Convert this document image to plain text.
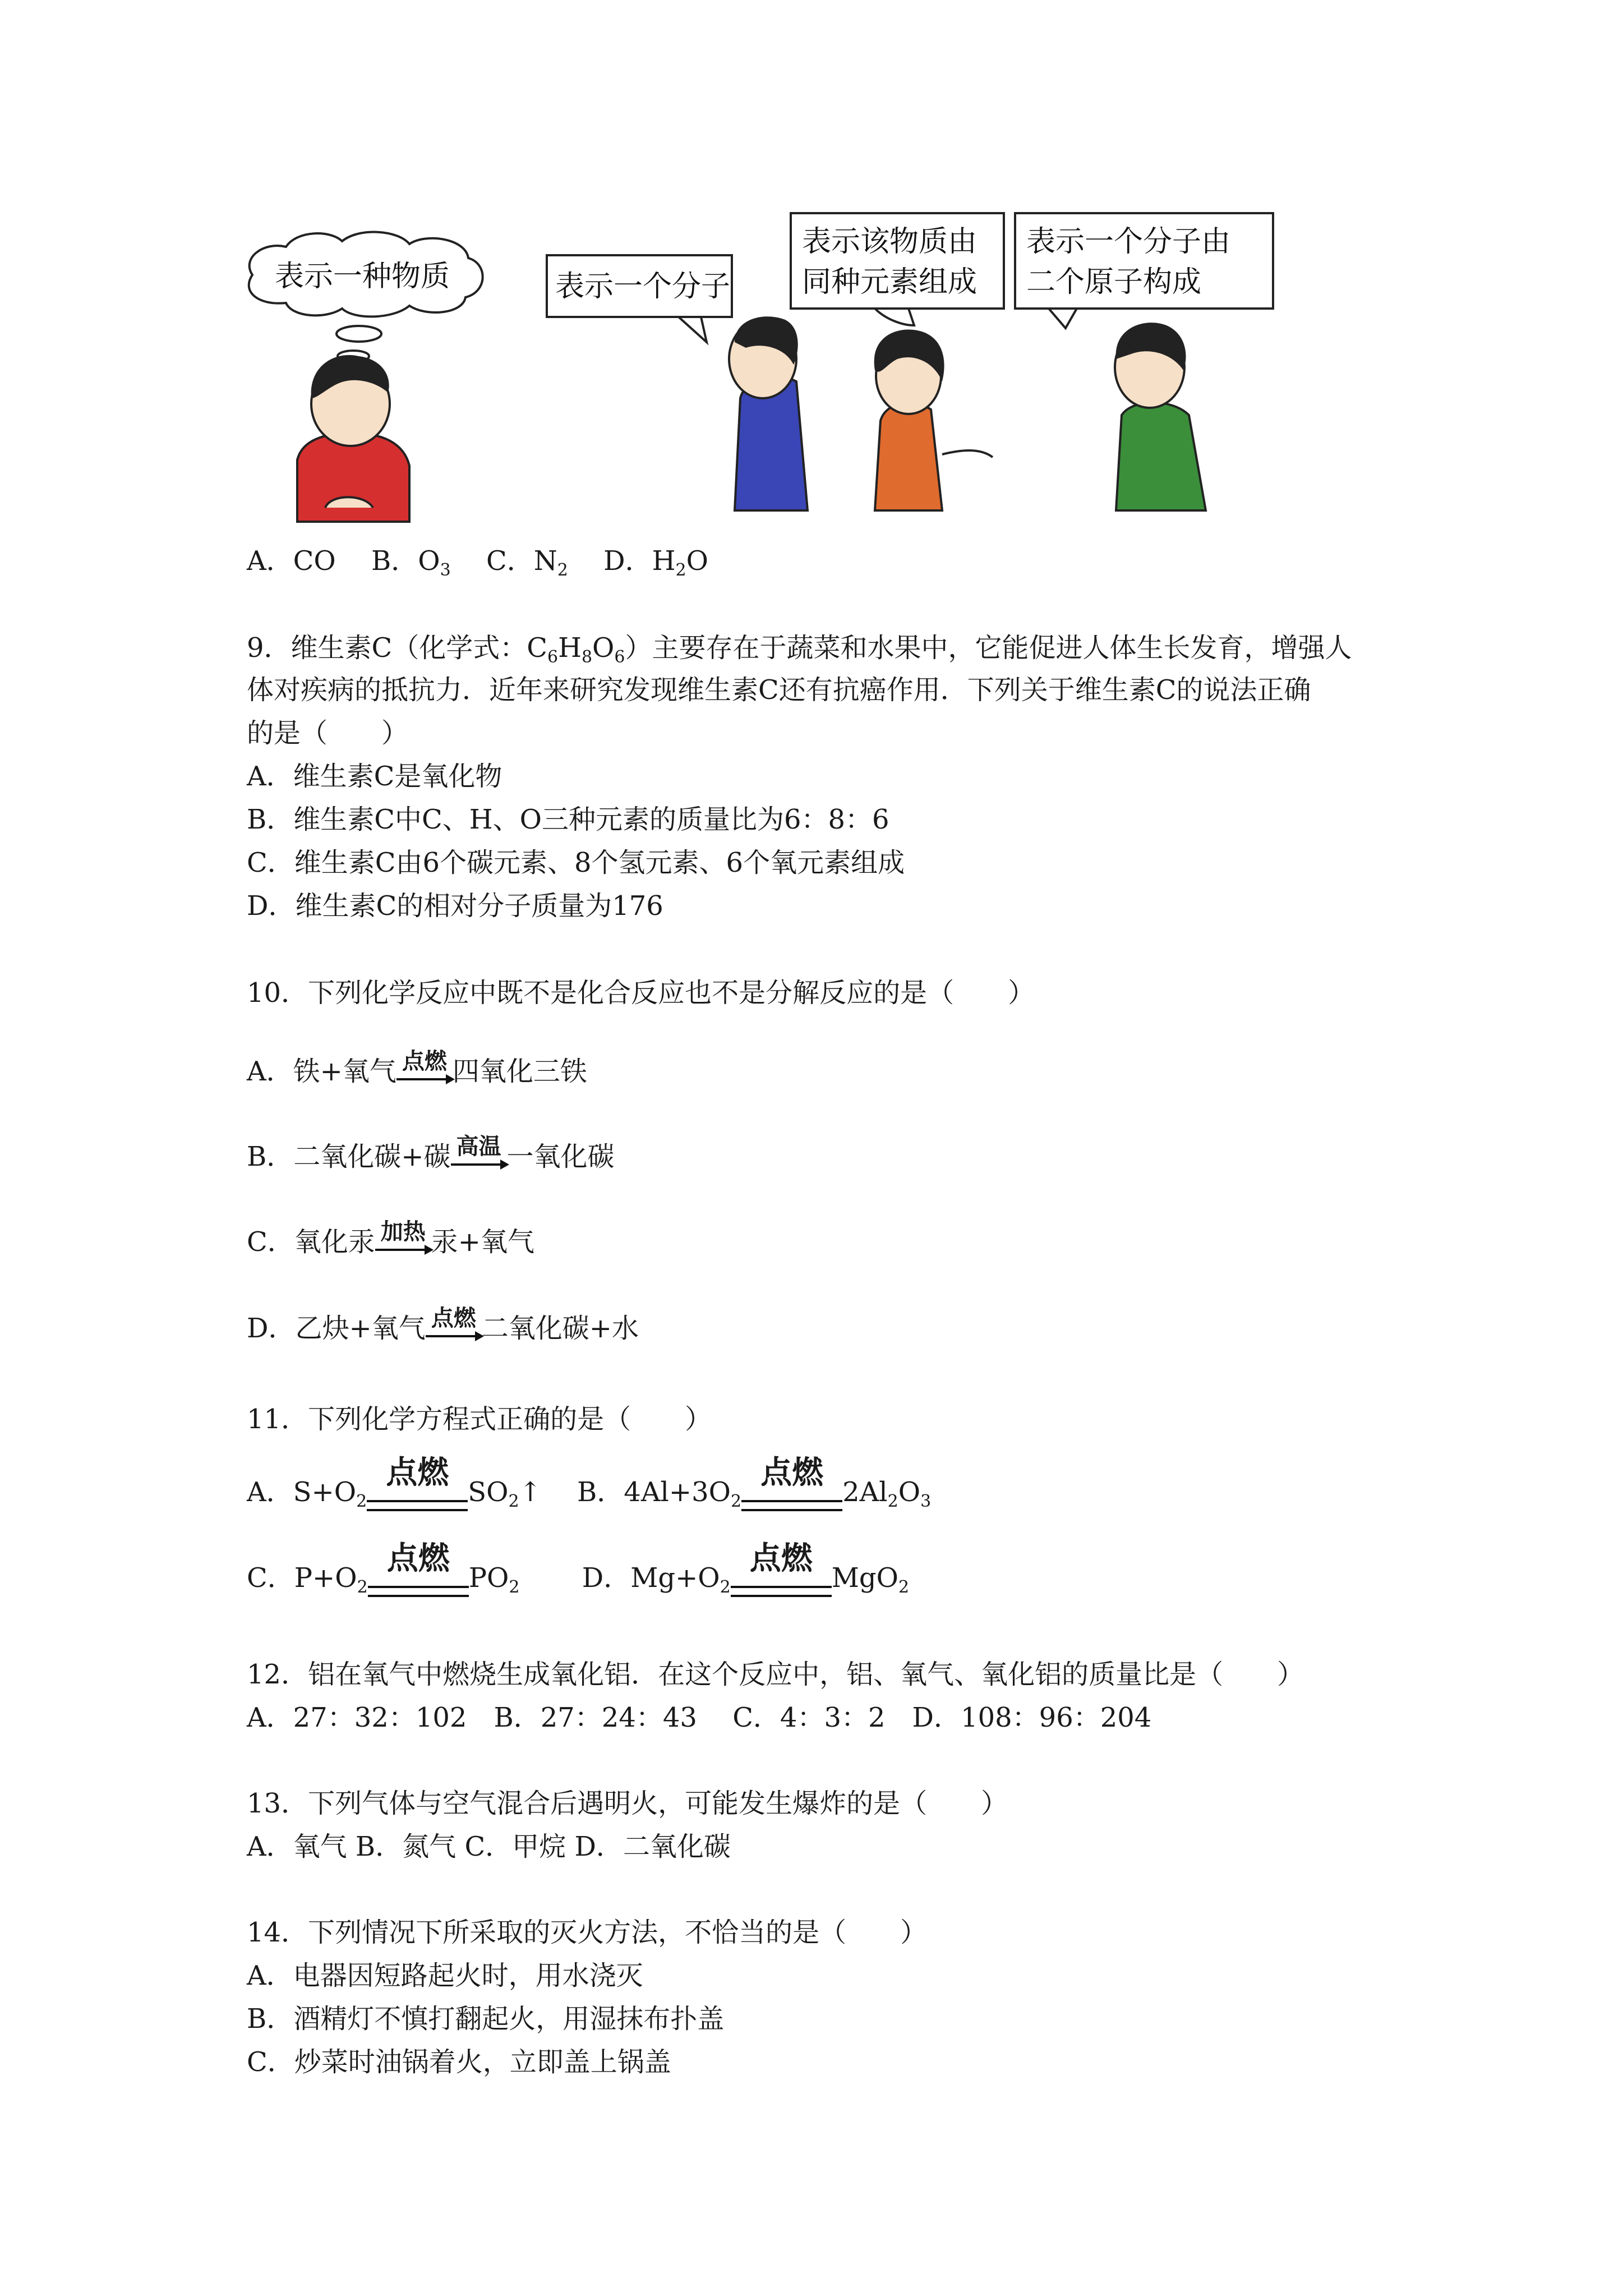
表示一种物质	表示一个分子
表示该物质由
同种元素组成
表示一个分子由
二个原子构成
A．CO　 B．$O_3$　 C．$N_2$　 D．$H_2O$
9．维生素C（化学式：$C_6H_8O_6$）主要存在于蔬菜和水果中，它能促进人体生长发育，增强人
体对疾病的抵抗力．近年来研究发现维生素C还有抗癌作用．下列关于维生素C的说法正确
的是（　　）
A．维生素C是氧化物
B．维生素C中C、H、O三种元素的质量比为6：8：6
C．维生素C由6个碳元素、8个氢元素、6个氧元素组成
D．维生素C的相对分子质量为176
10．下列化学反应中既不是化合反应也不是分解反应的是（　　）
A．铁+氧气 点燃 四氧化三铁
B．二氧化碳+碳 高温 一氧化碳
C．氧化汞 加热 汞+氧气
D．乙炔+氧气 点燃 二氧化碳+水
11．下列化学方程式正确的是（　　）
A．$S+O_2$
点燃
$SO_2↑$　 B．$4Al+3O_2$
点燃
$2Al_2O_3$
C．$P+O_2$
点燃
$PO_2$　　 D．$Mg+O_2$
点燃
MgO$_2$
12．铝在氧气中燃烧生成氧化铝．在这个反应中，铝、氧气、氧化铝的质量比是（　　）
A．27：32：102　B．27：24：43　 C．4：3：2　D．108：96：204
13．下列气体与空气混合后遇明火，可能发生爆炸的是（　　）
A．氧气 B．氮气 C．甲烷 D．二氧化碳
14．下列情况下所采取的灭火方法，不恰当的是（　　）
A．电器因短路起火时，用水浇灭
B．酒精灯不慎打翻起火，用湿抹布扑盖
C．炒菜时油锅着火，立即盖上锅盖
